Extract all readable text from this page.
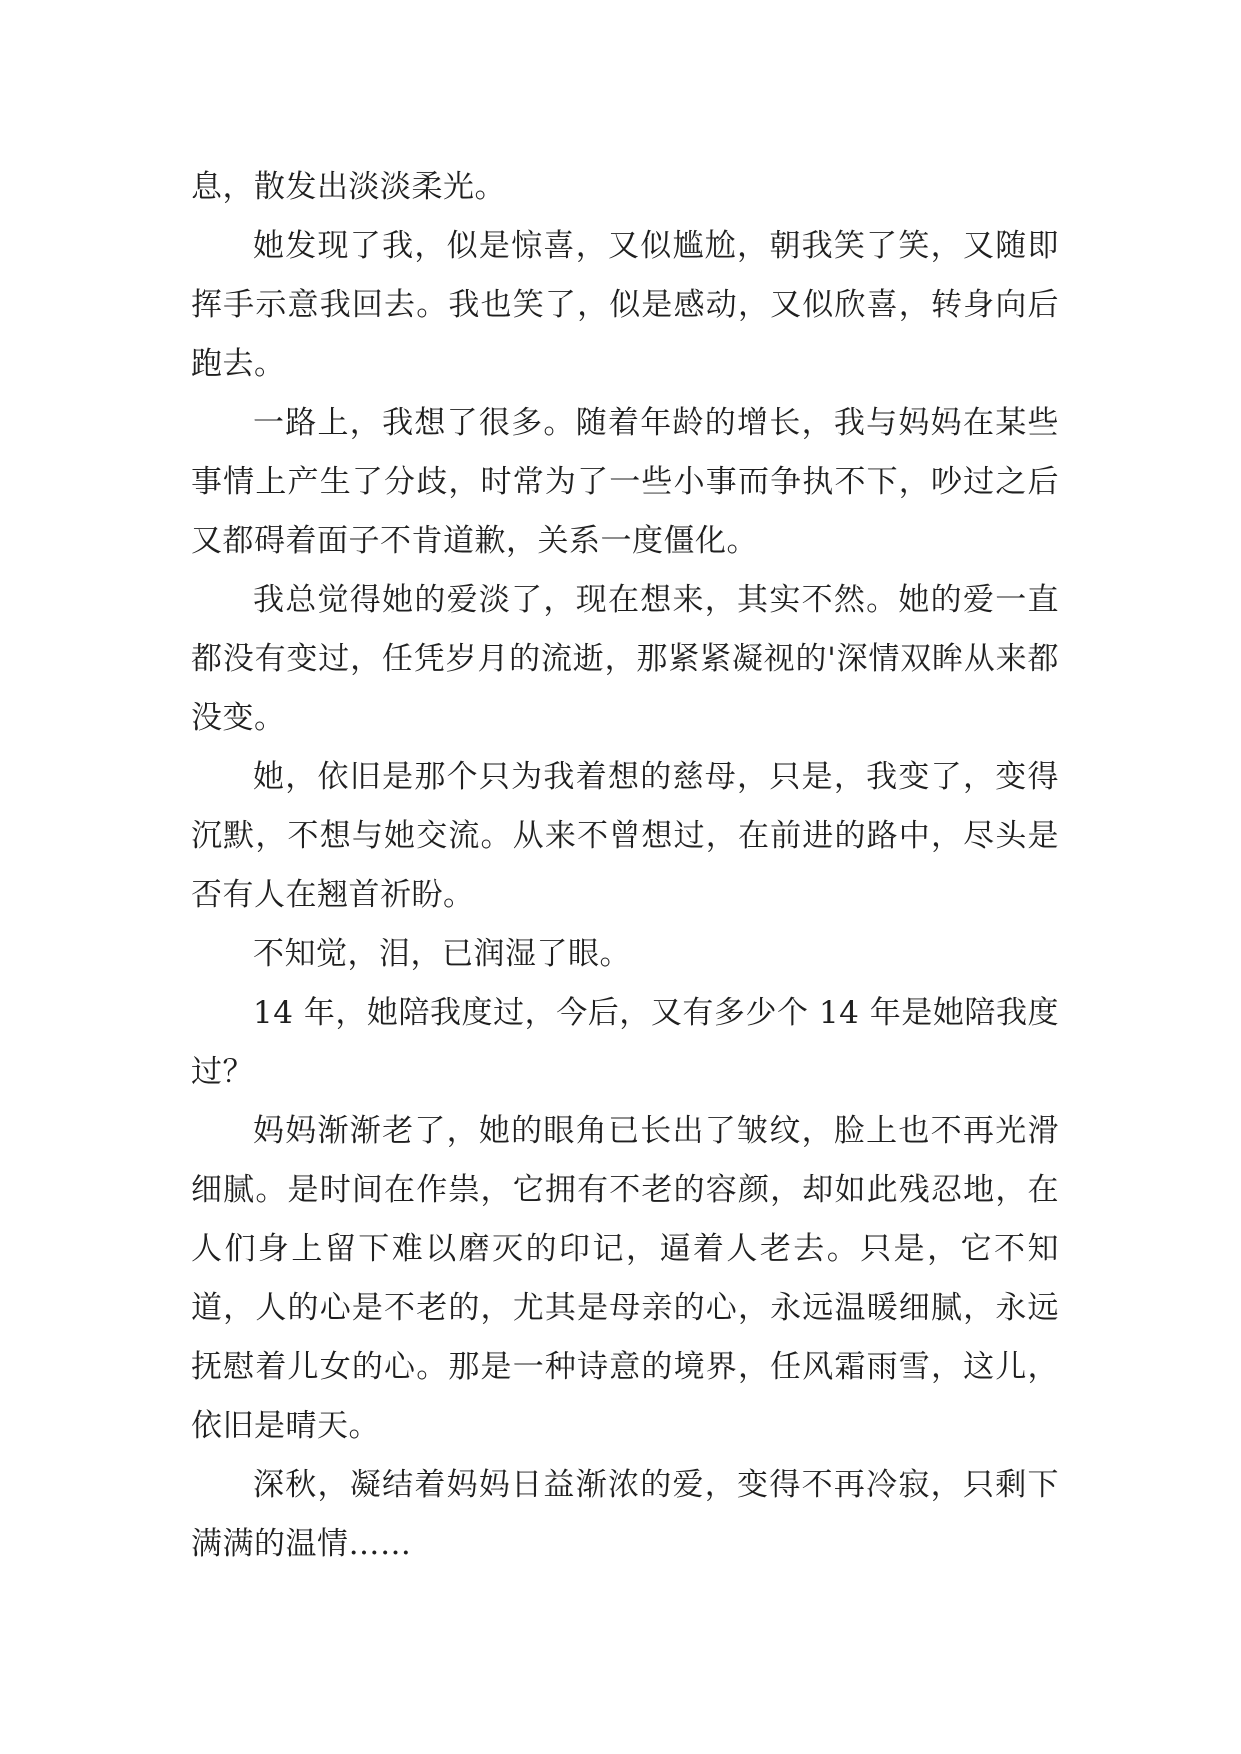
息，散发出淡淡柔光。

她发现了我，似是惊喜，又似尴尬，朝我笑了笑，又随即挥手示意我回去。我也笑了，似是感动，又似欣喜，转身向后跑去。

一路上，我想了很多。随着年龄的增长，我与妈妈在某些事情上产生了分歧，时常为了一些小事而争执不下，吵过之后又都碍着面子不肯道歉，关系一度僵化。

我总觉得她的爱淡了，现在想来，其实不然。她的爱一直都没有变过，任凭岁月的流逝，那紧紧凝视的'深情双眸从来都没变。

她，依旧是那个只为我着想的慈母，只是，我变了，变得沉默，不想与她交流。从来不曾想过，在前进的路中，尽头是否有人在翘首祈盼。

不知觉，泪，已润湿了眼。

14 年，她陪我度过，今后，又有多少个 14 年是她陪我度过？

妈妈渐渐老了，她的眼角已长出了皱纹，脸上也不再光滑细腻。是时间在作祟，它拥有不老的容颜，却如此残忍地，在人们身上留下难以磨灭的印记，逼着人老去。只是，它不知道，人的心是不老的，尤其是母亲的心，永远温暖细腻，永远抚慰着儿女的心。那是一种诗意的境界，任风霜雨雪，这儿，依旧是晴天。

深秋，凝结着妈妈日益渐浓的爱，变得不再冷寂，只剩下满满的温情……
